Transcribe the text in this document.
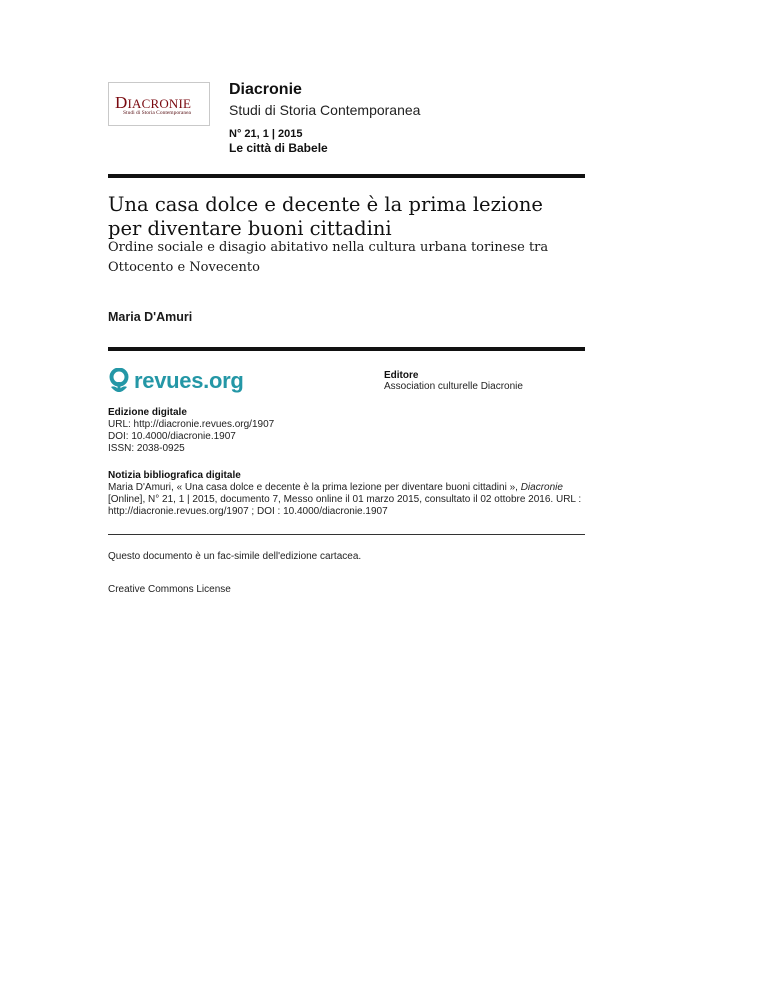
DIACRONIE
Studi di Storia Contemporanea
Diacronie
Studi di Storia Contemporanea
N° 21, 1 | 2015
Le città di Babele
Una casa dolce e decente è la prima lezione per diventare buoni cittadini
Ordine sociale e disagio abitativo nella cultura urbana torinese tra Ottocento e Novecento
Maria D'Amuri
revues.org	Editore
Association culturelle Diacronie
Edizione digitale
URL: http://diacronie.revues.org/1907
DOI: 10.4000/diacronie.1907
ISSN: 2038-0925
Notizia bibliografica digitale
Maria D'Amuri, « Una casa dolce e decente è la prima lezione per diventare buoni cittadini », Diacronie [Online], N° 21, 1 | 2015, documento 7, Messo online il 01 marzo 2015, consultato il 02 ottobre 2016. URL : http://diacronie.revues.org/1907 ; DOI : 10.4000/diacronie.1907
Questo documento è un fac-simile dell'edizione cartacea.
Creative Commons License
